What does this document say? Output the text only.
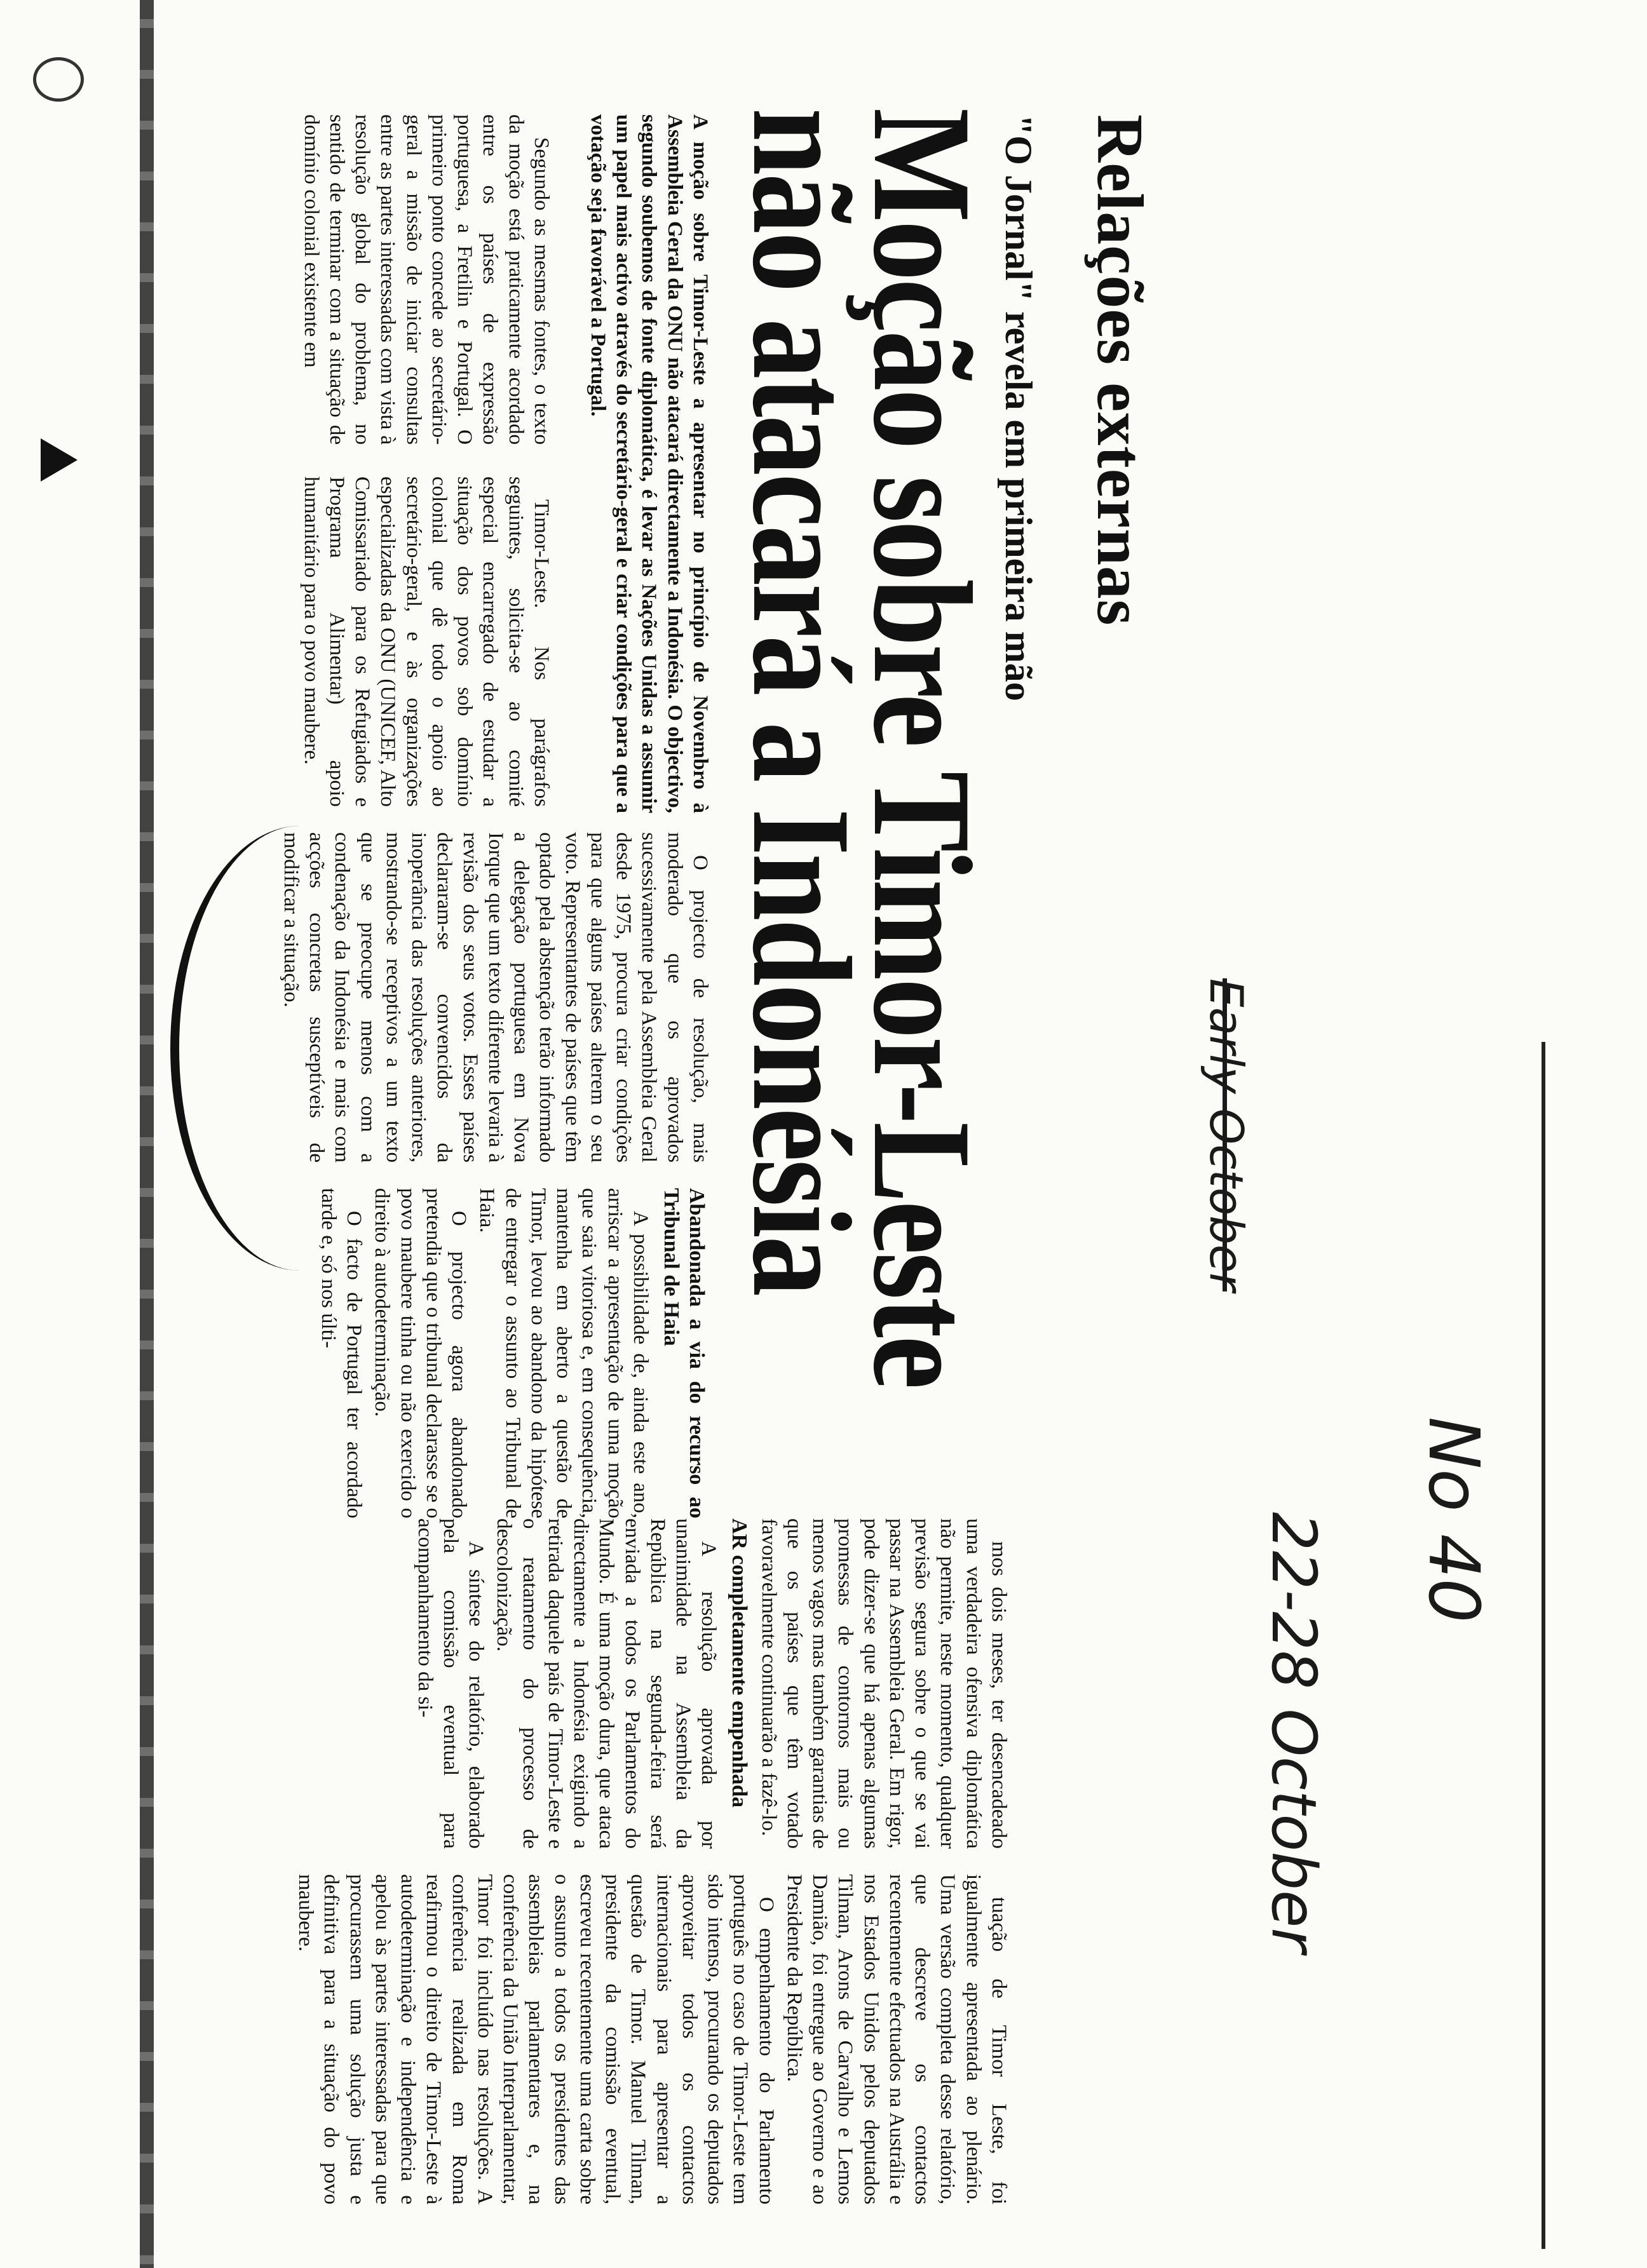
Relações externas
"O Jornal" revela em primeira mão
Moção sobre Timor-Leste
não atacará a Indonésia	Early October
No 40
22-28 October
A moção sobre Timor-Leste a apresentar no princípio de Novembro à Assembleia Geral da ONU não atacará directamente a Indonésia. O objectivo, segundo soubemos de fonte diplomática, é levar as Nações Unidas a assumir um papel mais activo através do secretário-geral e criar condições para que a votação seja favorável a Portugal.

Segundo as mesmas fontes, o texto da moção está praticamente acordado entre os países de expressão portuguesa, a Fretilin e Portugal. O primeiro ponto concede ao secretário-geral a missão de iniciar consultas entre as partes interessadas com vista à resolução global do problema, no sentido de terminar com a situação de domínio colonial existente em

Timor-Leste. Nos parágrafos seguintes, solicita-se ao comité especial encarregado de estudar a situação dos povos sob domínio colonial que dê todo o apoio ao secretário-geral, e às organizações especializadas da ONU (UNICEF, Alto Comissariado para os Refugiados e Programa Alimentar) apoio humanitário para o povo maubere.

O projecto de resolução, mais moderado que os aprovados sucessivamente pela Assembleia Geral desde 1975, procura criar condições para que alguns países alterem o seu voto. Representantes de países que têm optado pela abstenção terão informado a delegação portuguesa em Nova Iorque que um texto diferente levaria à revisão dos seus votos. Esses países declararam-se convencidos da inoperância das resoluções anteriores, mostrando-se receptivos a um texto que se preocupe menos com a condenação da Indonésia e mais com acções concretas susceptíveis de modificar a situação.

Abandonada a via do recurso ao Tribunal de Haia

A possibilidade de, ainda este ano, arriscar a apresentação de uma moção que saia vitoriosa e, em consequência, mantenha em aberto a questão de Timor, levou ao abandono da hipótese de entregar o assunto ao Tribunal de Haia.

O projecto agora abandonado pretendia que o tribunal declarasse se o povo maubere tinha ou não exercido o direito à autodeterminação.

O facto de Portugal ter acordado tarde e, só nos últi-

mos dois meses, ter desencadeado uma verdadeira ofensiva diplomática não permite, neste momento, qualquer previsão segura sobre o que se vai passar na Assembleia Geral. Em rigor, pode dizer-se que há apenas algumas promessas de contornos mais ou menos vagos mas também garantias de que os países que têm votado favoravelmente continuarão a fazê-lo.

AR completamente empenhada

A resolução aprovada por unanimidade na Assembleia da República na segunda-feira será enviada a todos os Parlamentos do Mundo. É uma moção dura, que ataca directamente a Indonésia exigindo a retirada daquele país de Timor-Leste e o reatamento do processo de descolonização.

A síntese do relatório, elaborado pela comissão eventual para acompanhamento da si-

tuação de Timor Leste, foi igualmente apresentada ao plenário. Uma versão completa desse relatório, que descreve os contactos recentemente efectuados na Austrália e nos Estados Unidos pelos deputados Tilman, Arons de Carvalho e Lemos Damião, foi entregue ao Governo e ao Presidente da República.

O empenhamento do Parlamento português no caso de Timor-Leste tem sido intenso, procurando os deputados aproveitar todos os contactos internacionais para apresentar a questão de Timor. Manuel Tilman, presidente da comissão eventual, escreveu recentemente uma carta sobre o assunto a todos os presidentes das assembleias parlamentares e, na conferência da União Interparlamentar, Timor foi incluído nas resoluções. A conferência realizada em Roma reafirmou o direito de Timor-Leste à autodeterminação e independência e apelou às partes interessadas para que procurassem uma solução justa e definitiva para a situação do povo maubere.
